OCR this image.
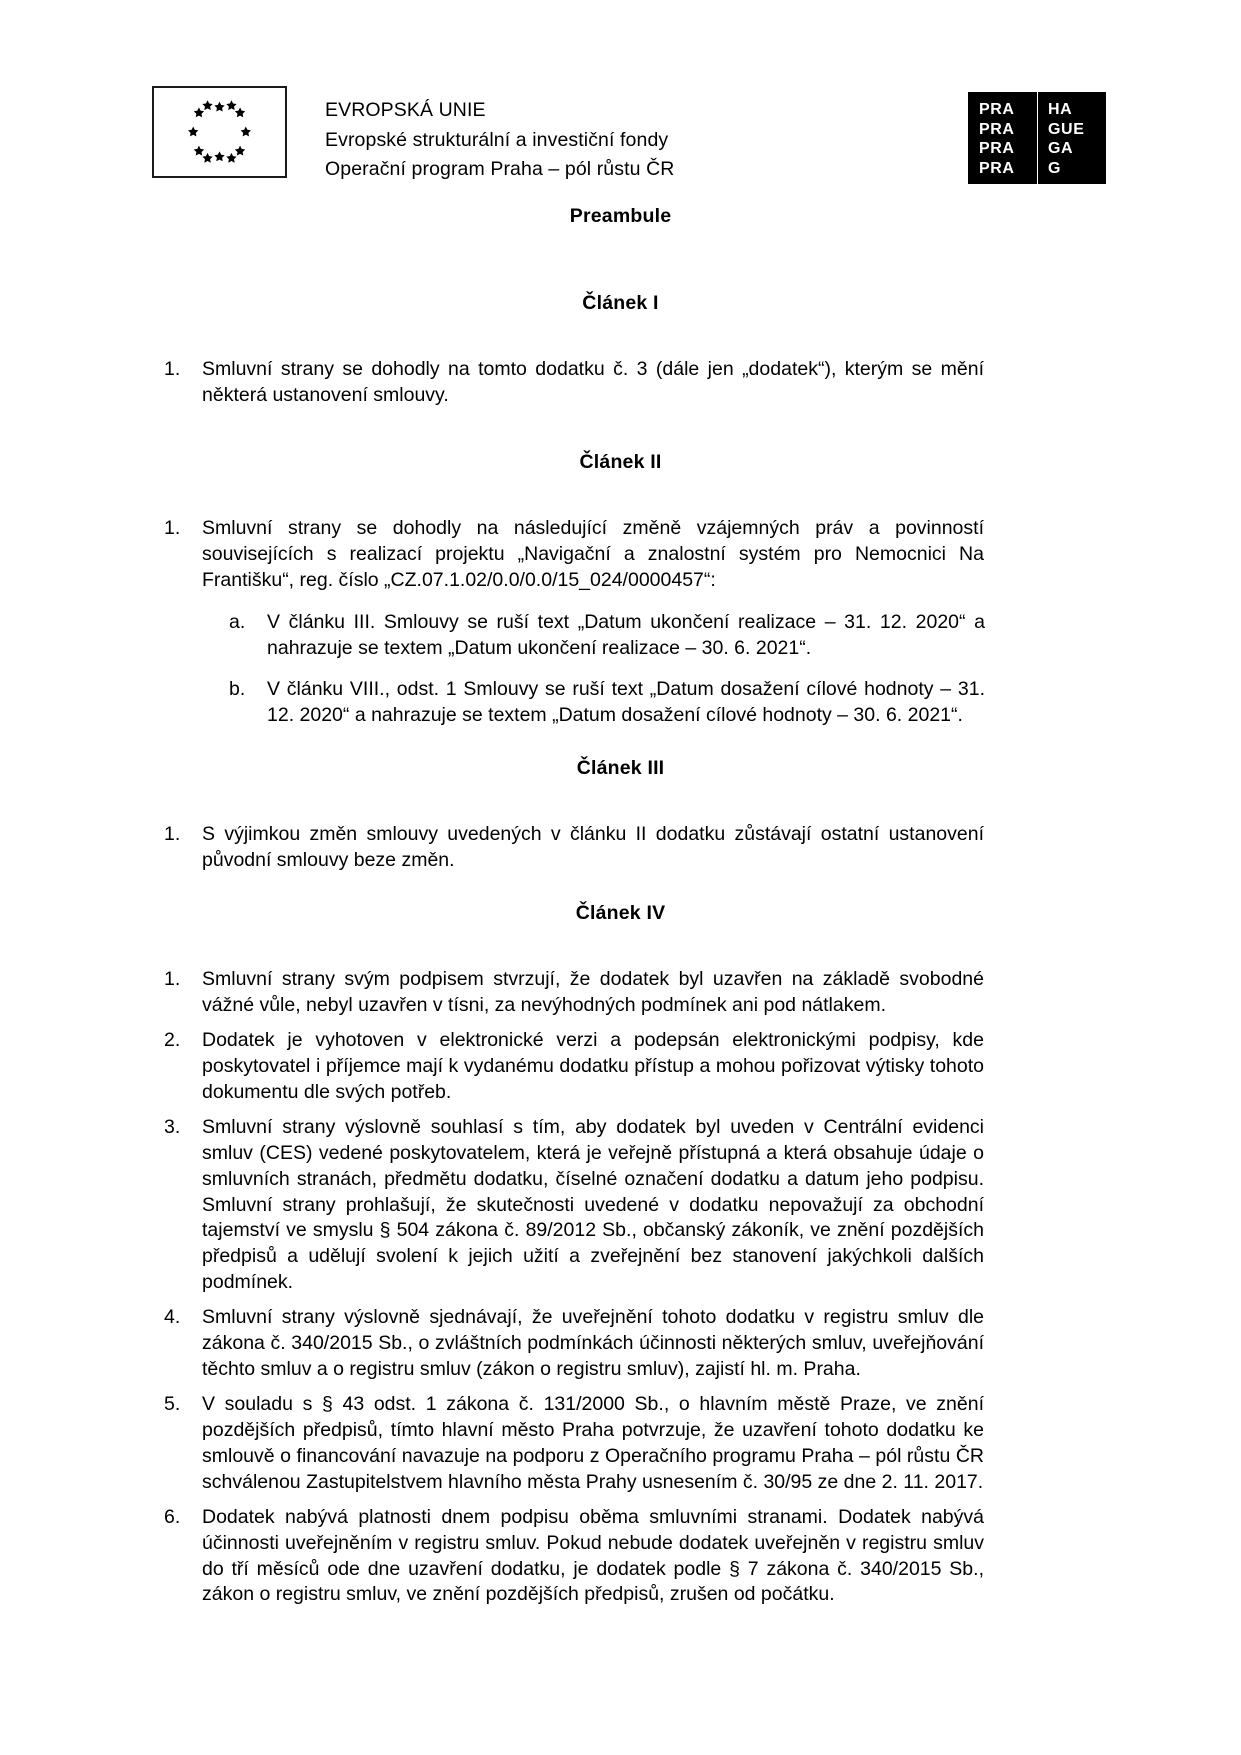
EVROPSKÁ UNIE
Evropské strukturální a investiční fondy
Operační program Praha – pól růstu ČR
PRA
PRA
PRA
PRA
HA
GUE
GA
G
Preambule
Článek I
1.	Smluvní strany se dohodly na tomto dodatku č. 3 (dále jen „dodatek“), kterým se mění některá ustanovení smlouvy.
Článek II
1.	Smluvní strany se dohodly na následující změně vzájemných práv a povinností souvisejících s realizací projektu „Navigační a znalostní systém pro Nemocnici Na Františku“, reg. číslo „CZ.07.1.02/0.0/0.0/15_024/0000457“:
a.	V článku III. Smlouvy se ruší text „Datum ukončení realizace – 31. 12. 2020“ a nahrazuje se textem „Datum ukončení realizace – 30. 6. 2021“.
b.	V článku VIII., odst. 1 Smlouvy se ruší text „Datum dosažení cílové hodnoty – 31. 12. 2020“ a nahrazuje se textem „Datum dosažení cílové hodnoty – 30. 6. 2021“.
Článek III
1.	S výjimkou změn smlouvy uvedených v článku II dodatku zůstávají ostatní ustanovení původní smlouvy beze změn.
Článek IV
1.	Smluvní strany svým podpisem stvrzují, že dodatek byl uzavřen na základě svobodné vážné vůle, nebyl uzavřen v tísni, za nevýhodných podmínek ani pod nátlakem.
2.	Dodatek je vyhotoven v elektronické verzi a podepsán elektronickými podpisy, kde poskytovatel i příjemce mají k vydanému dodatku přístup a mohou pořizovat výtisky tohoto dokumentu dle svých potřeb.
3.	Smluvní strany výslovně souhlasí s tím, aby dodatek byl uveden v Centrální evidenci smluv (CES) vedené poskytovatelem, která je veřejně přístupná a která obsahuje údaje o smluvních stranách, předmětu dodatku, číselné označení dodatku a datum jeho podpisu. Smluvní strany prohlašují, že skutečnosti uvedené v dodatku nepovažují za obchodní tajemství ve smyslu § 504 zákona č. 89/2012 Sb., občanský zákoník, ve znění pozdějších předpisů a udělují svolení k jejich užití a zveřejnění bez stanovení jakýchkoli dalších podmínek.
4.	Smluvní strany výslovně sjednávají, že uveřejnění tohoto dodatku v registru smluv dle zákona č. 340/2015 Sb., o zvláštních podmínkách účinnosti některých smluv, uveřejňování těchto smluv a o registru smluv (zákon o registru smluv), zajistí hl. m. Praha.
5.	V souladu s § 43 odst. 1 zákona č. 131/2000 Sb., o hlavním městě Praze, ve znění pozdějších předpisů, tímto hlavní město Praha potvrzuje, že uzavření tohoto dodatku ke smlouvě o financování navazuje na podporu z Operačního programu Praha – pól růstu ČR schválenou Zastupitelstvem hlavního města Prahy usnesením č. 30/95 ze dne 2. 11. 2017.
6.	Dodatek nabývá platnosti dnem podpisu oběma smluvními stranami. Dodatek nabývá účinnosti uveřejněním v registru smluv. Pokud nebude dodatek uveřejněn v registru smluv do tří měsíců ode dne uzavření dodatku, je dodatek podle § 7 zákona č. 340/2015 Sb., zákon o registru smluv, ve znění pozdějších předpisů, zrušen od počátku.
